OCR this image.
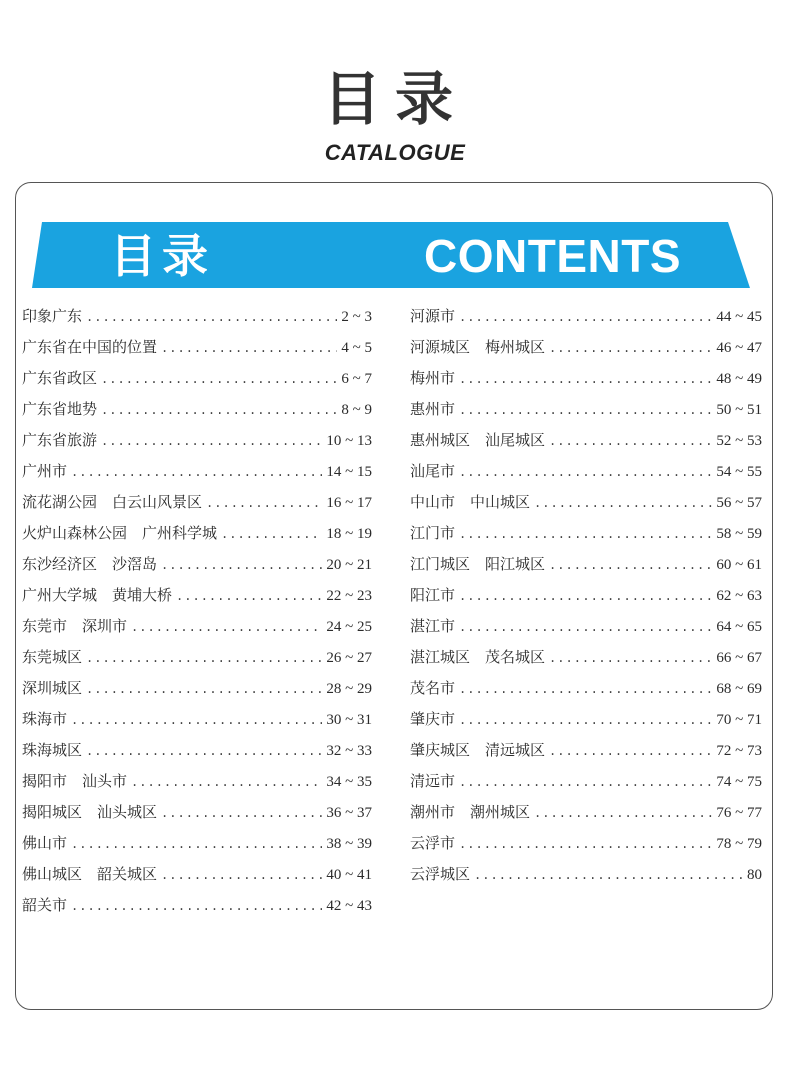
目录
CATALOGUE
目录	CONTENTS
印象广东 .....	2 ~ 3
广东省在中国的位置 .....	4 ~ 5
广东省政区 .....	6 ~ 7
广东省地势 .....	8 ~ 9
广东省旅游 .....	10 ~ 13
广州市 .....	14 ~ 15
流花湖公园　白云山风景区 .....	16 ~ 17
火炉山森林公园　广州科学城 .....	18 ~ 19
东沙经济区　沙滘岛 .....	20 ~ 21
广州大学城　黄埔大桥 .....	22 ~ 23
东莞市　深圳市 .....	24 ~ 25
东莞城区 .....	26 ~ 27
深圳城区 .....	28 ~ 29
珠海市 .....	30 ~ 31
珠海城区 .....	32 ~ 33
揭阳市　汕头市 .....	34 ~ 35
揭阳城区　汕头城区 .....	36 ~ 37
佛山市 .....	38 ~ 39
佛山城区　韶关城区 .....	40 ~ 41
韶关市 .....	42 ~ 43
河源市 .....	44 ~ 45
河源城区　梅州城区 .....	46 ~ 47
梅州市 .....	48 ~ 49
惠州市 .....	50 ~ 51
惠州城区　汕尾城区 .....	52 ~ 53
汕尾市 .....	54 ~ 55
中山市　中山城区 .....	56 ~ 57
江门市 .....	58 ~ 59
江门城区　阳江城区 .....	60 ~ 61
阳江市 .....	62 ~ 63
湛江市 .....	64 ~ 65
湛江城区　茂名城区 .....	66 ~ 67
茂名市 .....	68 ~ 69
肇庆市 .....	70 ~ 71
肇庆城区　清远城区 .....	72 ~ 73
清远市 .....	74 ~ 75
潮州市　潮州城区 .....	76 ~ 77
云浮市 .....	78 ~ 79
云浮城区 .....	80
